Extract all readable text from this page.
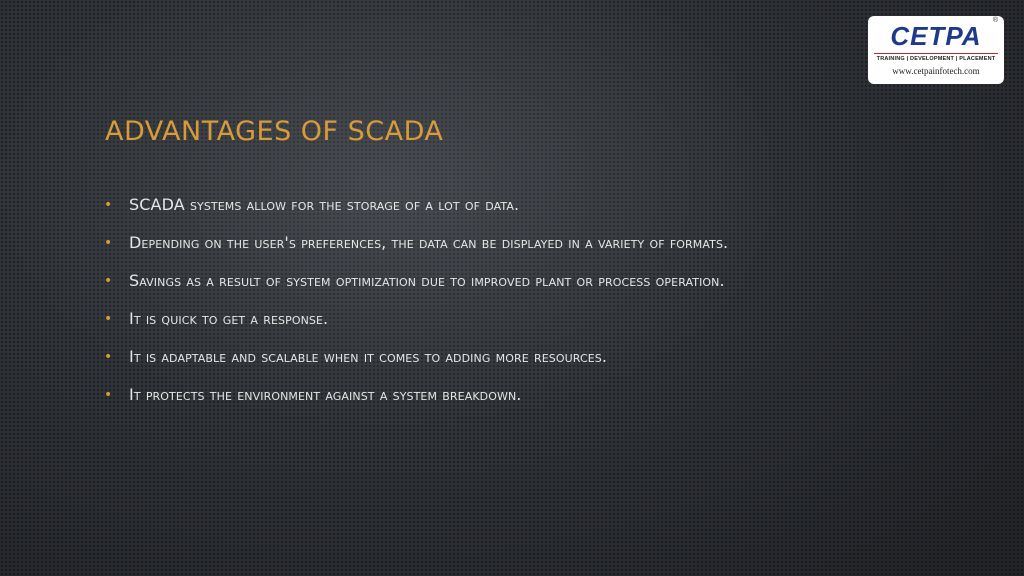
CETPA
®
TRAINING | DEVELOPMENT | PLACEMENT
www.cetpainfotech.com
ADVANTAGES OF SCADA
• SCADA systems allow for the storage of a lot of data.
• Depending on the user's preferences, the data can be displayed in a variety of formats.
• Savings as a result of system optimization due to improved plant or process operation.
• It is quick to get a response.
• It is adaptable and scalable when it comes to adding more resources.
• It protects the environment against a system breakdown.
